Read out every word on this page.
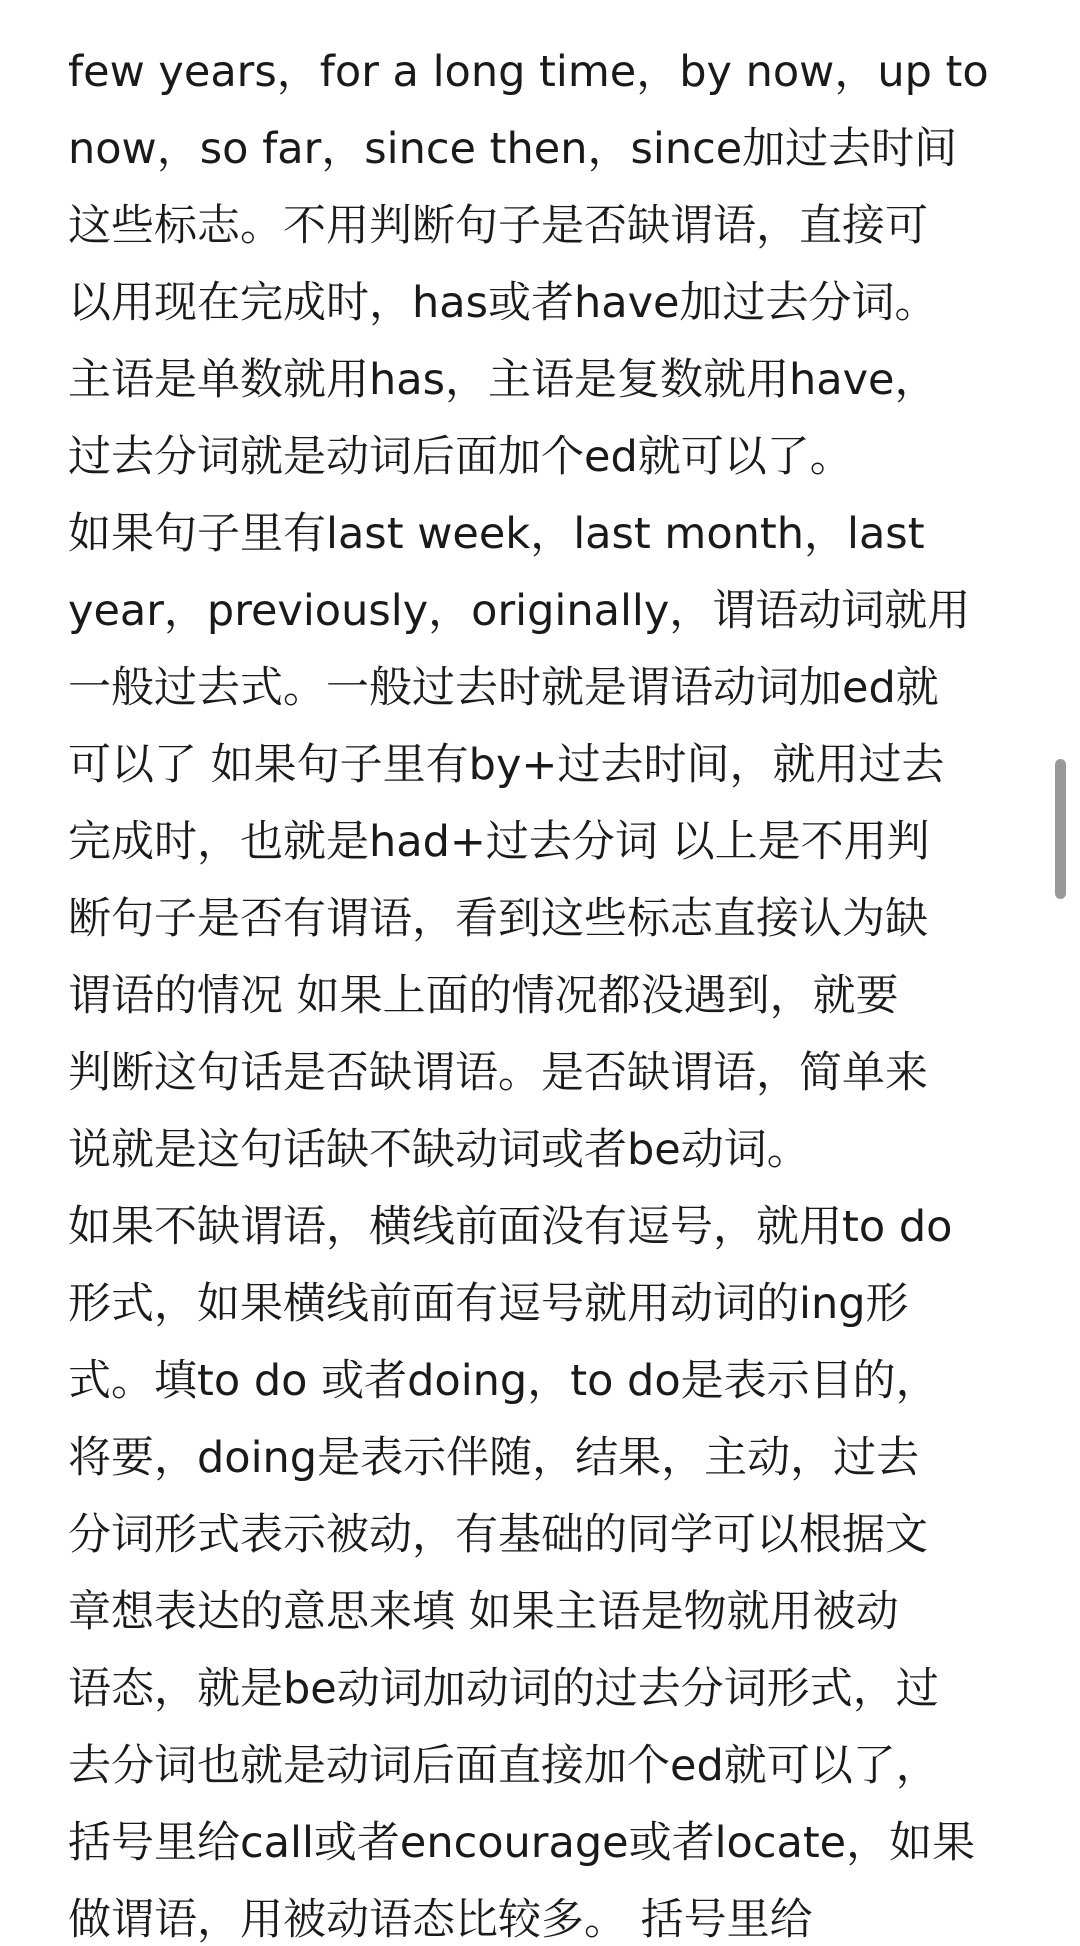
few years，for a long time，by now，up to
now，so far，since then，since加过去时间
这些标志。不用判断句子是否缺谓语，直接可
以用现在完成时，has或者have加过去分词。
主语是单数就用has，主语是复数就用have，
过去分词就是动词后面加个ed就可以了。
如果句子里有last week，last month，last
year，previously，originally，谓语动词就用
一般过去式。一般过去时就是谓语动词加ed就
可以了 如果句子里有by+过去时间，就用过去
完成时，也就是had+过去分词 以上是不用判
断句子是否有谓语，看到这些标志直接认为缺
谓语的情况 如果上面的情况都没遇到，就要
判断这句话是否缺谓语。是否缺谓语，简单来
说就是这句话缺不缺动词或者be动词。
如果不缺谓语，横线前面没有逗号，就用to do
形式，如果横线前面有逗号就用动词的ing形
式。填to do 或者doing，to do是表示目的，
将要，doing是表示伴随，结果，主动，过去
分词形式表示被动，有基础的同学可以根据文
章想表达的意思来填 如果主语是物就用被动
语态，就是be动词加动词的过去分词形式，过
去分词也就是动词后面直接加个ed就可以了，
括号里给call或者encourage或者locate，如果
做谓语，用被动语态比较多。 括号里给
